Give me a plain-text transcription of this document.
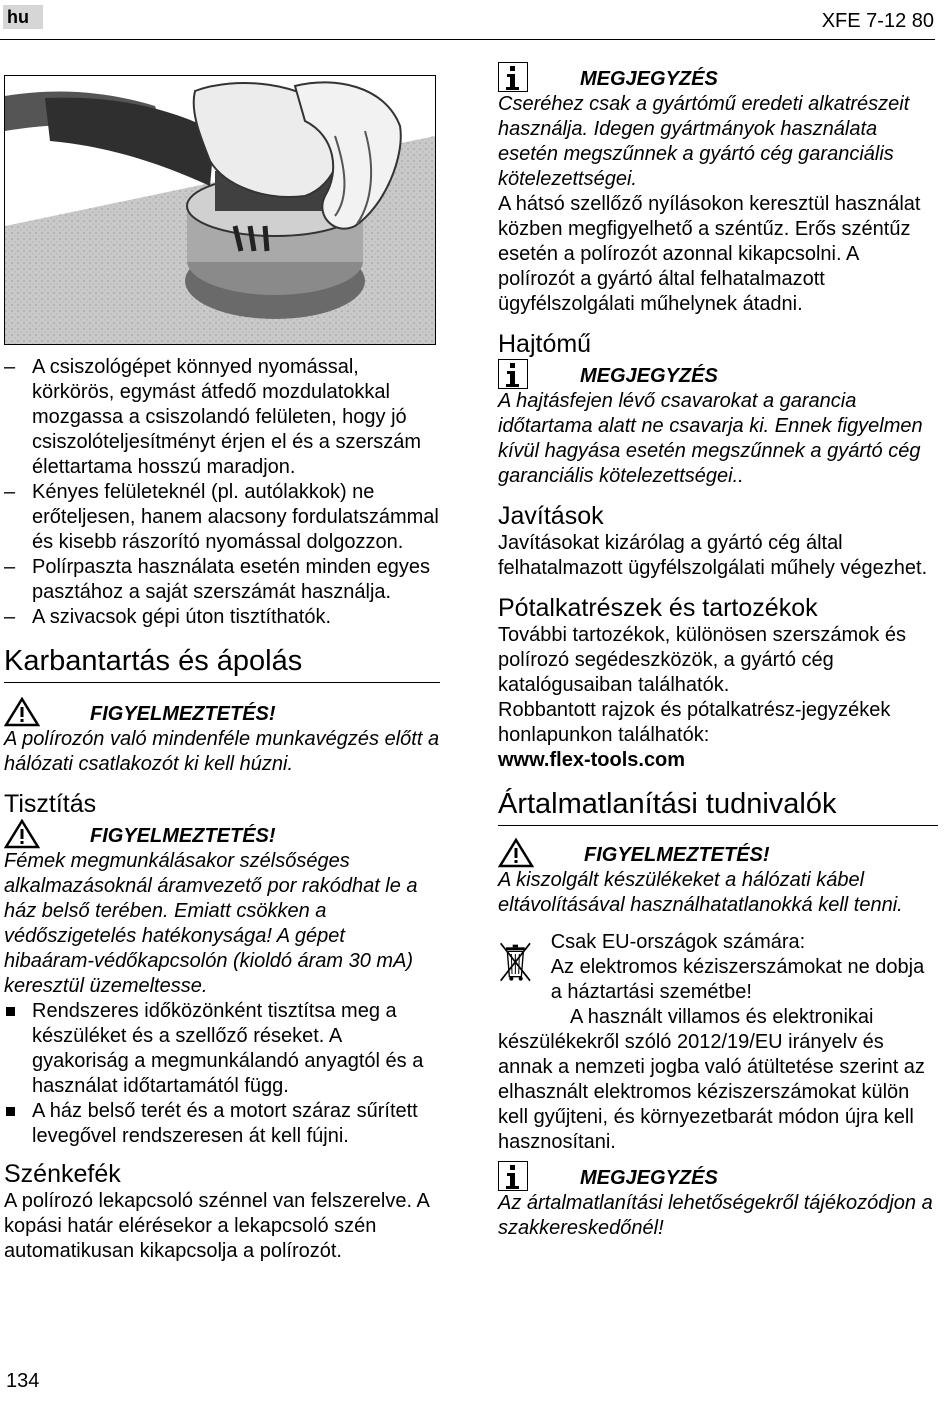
hu	XFE 7-12 80
– A csiszológépet könnyed nyomással, körkörös, egymást átfedő mozdulatokkal mozgassa a csiszolandó felületen, hogy jó csiszolóteljesítményt érjen el és a szerszám élettartama hosszú maradjon.
– Kényes felületeknél (pl. autólakkok) ne erőteljesen, hanem alacsony fordulatszámmal és kisebb rászorító nyomással dolgozzon.
– Polírpaszta használata esetén minden egyes pasztához a saját szerszámát használja.
– A szivacsok gépi úton tisztíthatók.
Karbantartás és ápolás
FIGYELMEZTETÉS!
A polírozón való mindenféle munkavégzés előtt a hálózati csatlakozót ki kell húzni.
Tisztítás
FIGYELMEZTETÉS!
Fémek megmunkálásakor szélsőséges alkalmazásoknál áramvezető por rakódhat le a ház belső terében. Emiatt csökken a védőszigetelés hatékonysága! A gépet hibaáram-védőkapcsolón (kioldó áram 30 mA) keresztül üzemeltesse.
Rendszeres időközönként tisztítsa meg a készüléket és a szellőző réseket. A gyakoriság a megmunkálandó anyagtól és a használat időtartamától függ.
A ház belső terét és a motort száraz sűrített levegővel rendszeresen át kell fújni.
Szénkefék
A polírozó lekapcsoló szénnel van felszerelve. A kopási határ elérésekor a lekapcsoló szén automatikusan kikapcsolja a polírozót.
MEGJEGYZÉS
Cseréhez csak a gyártómű eredeti alkatrészeit használja. Idegen gyártmányok használata esetén megszűnnek a gyártó cég garanciális kötelezettségei.
A hátsó szellőző nyílásokon keresztül használat közben megfigyelhető a széntűz. Erős széntűz esetén a polírozót azonnal kikapcsolni. A polírozót a gyártó által felhatalmazott ügyfélszolgálati műhelynek átadni.
Hajtómű
MEGJEGYZÉS
A hajtásfejen lévő csavarokat a garancia időtartama alatt ne csavarja ki. Ennek figyelmen kívül hagyása esetén megszűnnek a gyártó cég garanciális kötelezettségei..
Javítások
Javításokat kizárólag a gyártó cég által felhatalmazott ügyfélszolgálati műhely végezhet.
Pótalkatrészek és tartozékok
További tartozékok, különösen szerszámok és polírozó segédeszközök, a gyártó cég katalógusaiban találhatók.
Robbantott rajzok és pótalkatrész-jegyzékek honlapunkon találhatók:
www.flex-tools.com
Ártalmatlanítási tudnivalók
FIGYELMEZTETÉS!
A kiszolgált készülékeket a hálózati kábel eltávolításával használhatatlanokká kell tenni.
Csak EU-országok számára:
Az elektromos kéziszerszámokat ne dobja a háztartási szemétbe!
A használt villamos és elektronikai készülékekről szóló 2012/19/EU irányelv és annak a nemzeti jogba való átültetése szerint az elhasznált elektromos kéziszerszámokat külön kell gyűjteni, és környezetbarát módon újra kell hasznosítani.
MEGJEGYZÉS
Az ártalmatlanítási lehetőségekről tájékozódjon a szakkereskedőnél!
134
